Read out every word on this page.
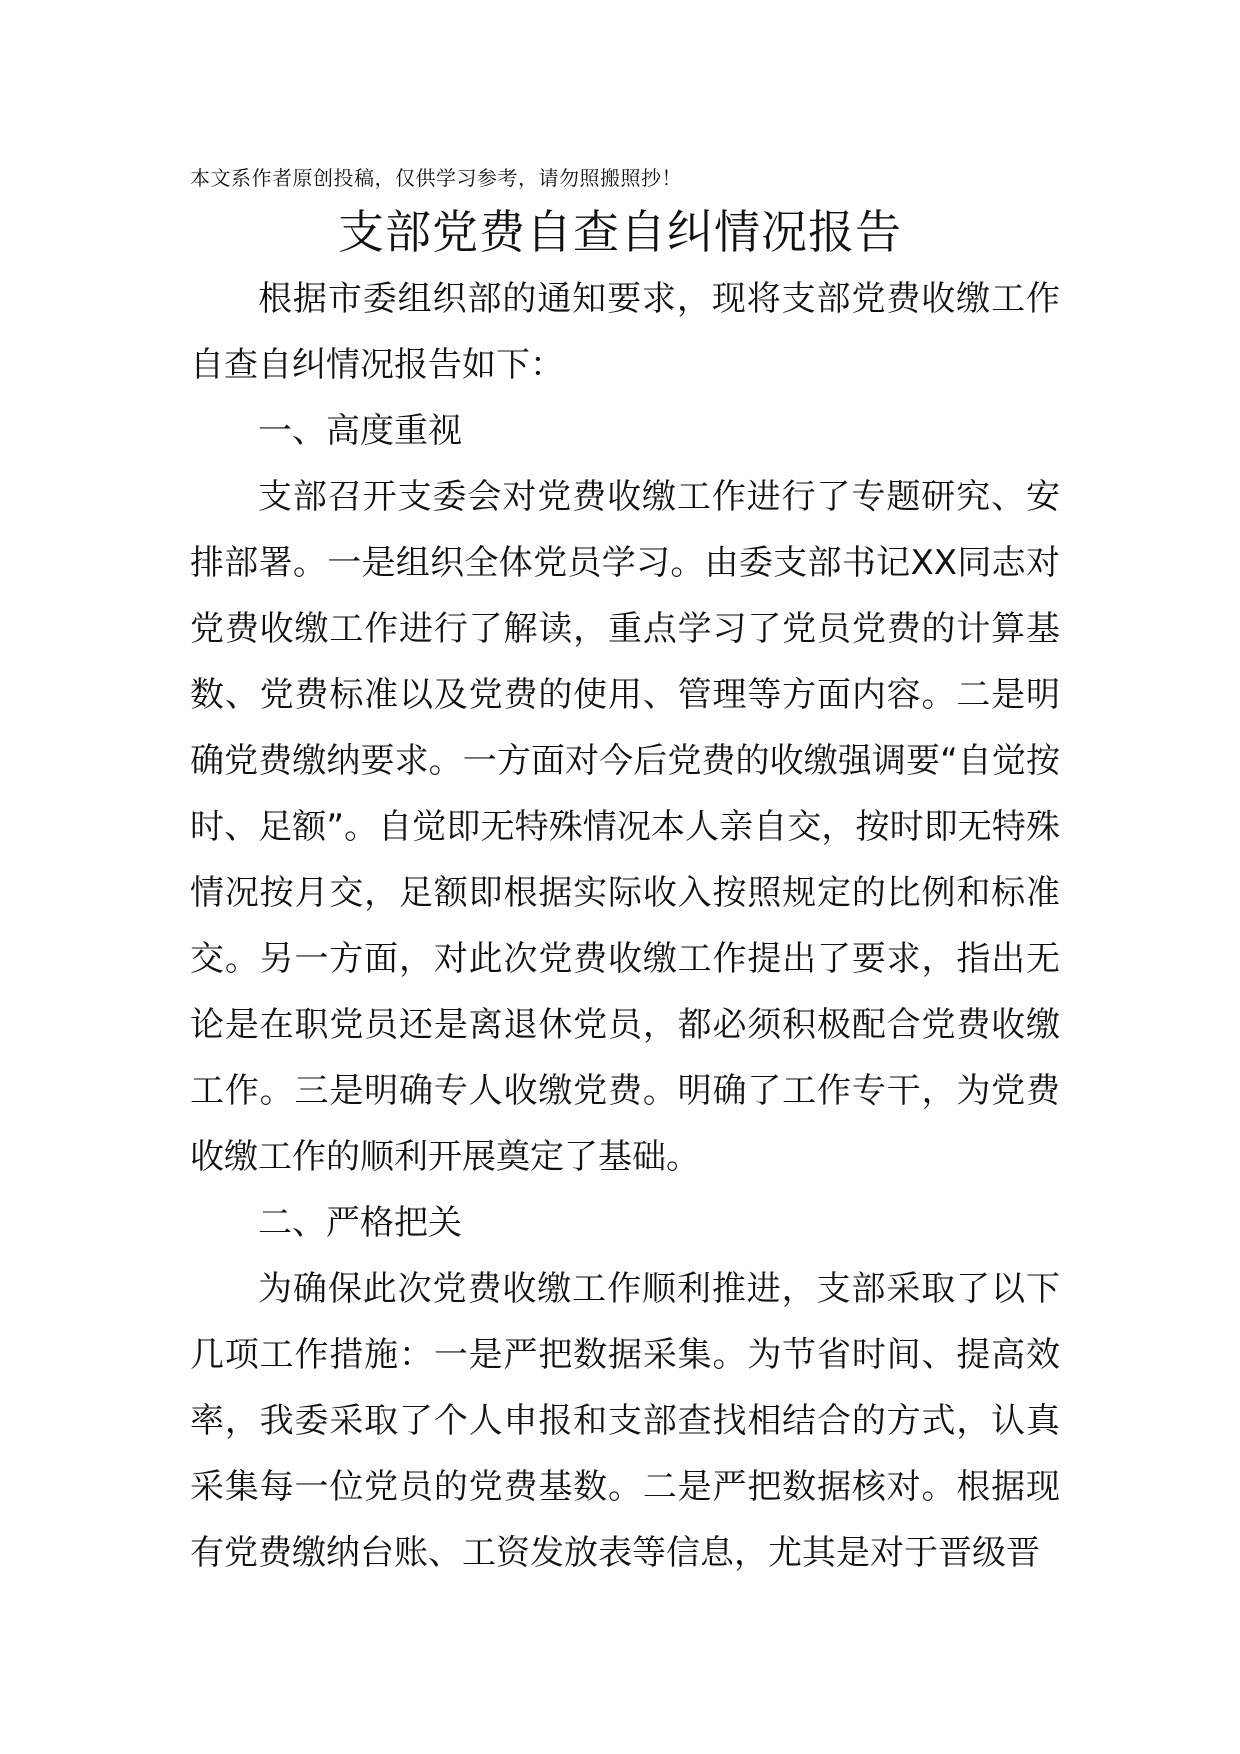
本文系作者原创投稿，仅供学习参考，请勿照搬照抄！
支部党费自查自纠情况报告

根据市委组织部的通知要求，现将支部党费收缴工作自查自纠情况报告如下：

一、高度重视

支部召开支委会对党费收缴工作进行了专题研究、安排部署。一是组织全体党员学习。由委支部书记XX同志对党费收缴工作进行了解读，重点学习了党员党费的计算基数、党费标准以及党费的使用、管理等方面内容。二是明确党费缴纳要求。一方面对今后党费的收缴强调要“自觉按时、足额”。自觉即无特殊情况本人亲自交，按时即无特殊情况按月交，足额即根据实际收入按照规定的比例和标准交。另一方面，对此次党费收缴工作提出了要求，指出无论是在职党员还是离退休党员，都必须积极配合党费收缴工作。三是明确专人收缴党费。明确了工作专干，为党费收缴工作的顺利开展奠定了基础。

二、严格把关

为确保此次党费收缴工作顺利推进，支部采取了以下几项工作措施：一是严把数据采集。为节省时间、提高效率，我委采取了个人申报和支部查找相结合的方式，认真采集每一位党员的党费基数。二是严把数据核对。根据现有党费缴纳台账、工资发放表等信息，尤其是对于晋级晋
